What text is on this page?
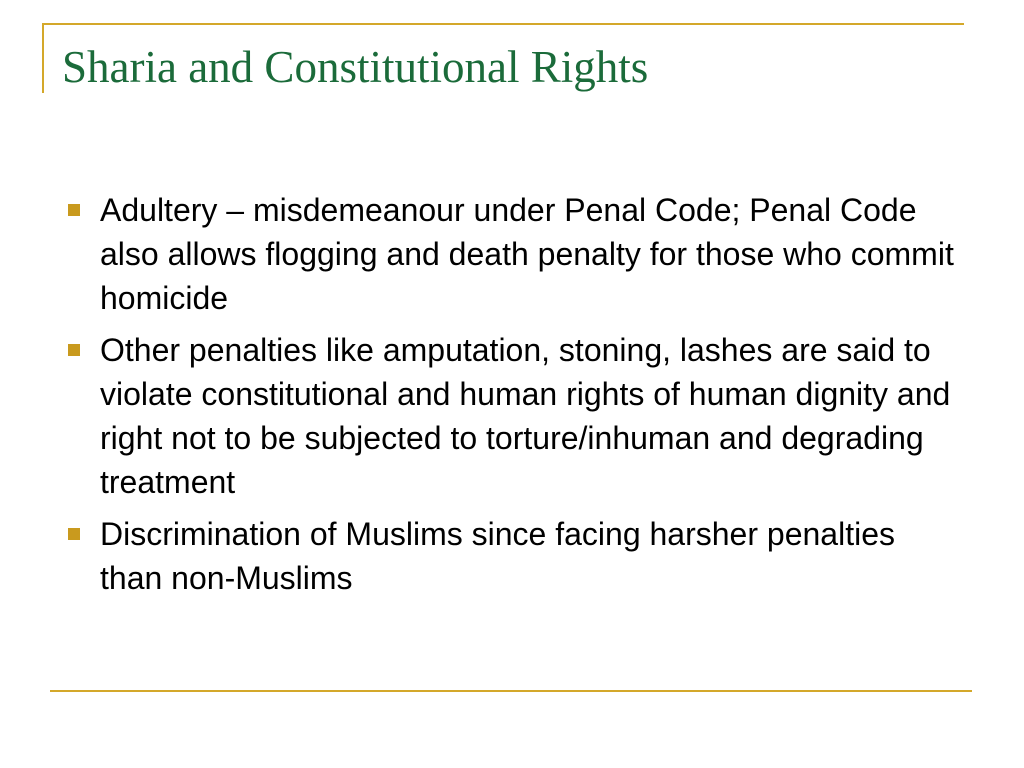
Sharia and Constitutional Rights
Adultery – misdemeanour under Penal Code; Penal Code also allows flogging and death penalty for those who commit homicide
Other penalties like amputation, stoning, lashes are said to violate constitutional and human rights of human dignity and right not to be subjected to torture/inhuman and degrading treatment
Discrimination of Muslims since facing harsher penalties than non-Muslims
